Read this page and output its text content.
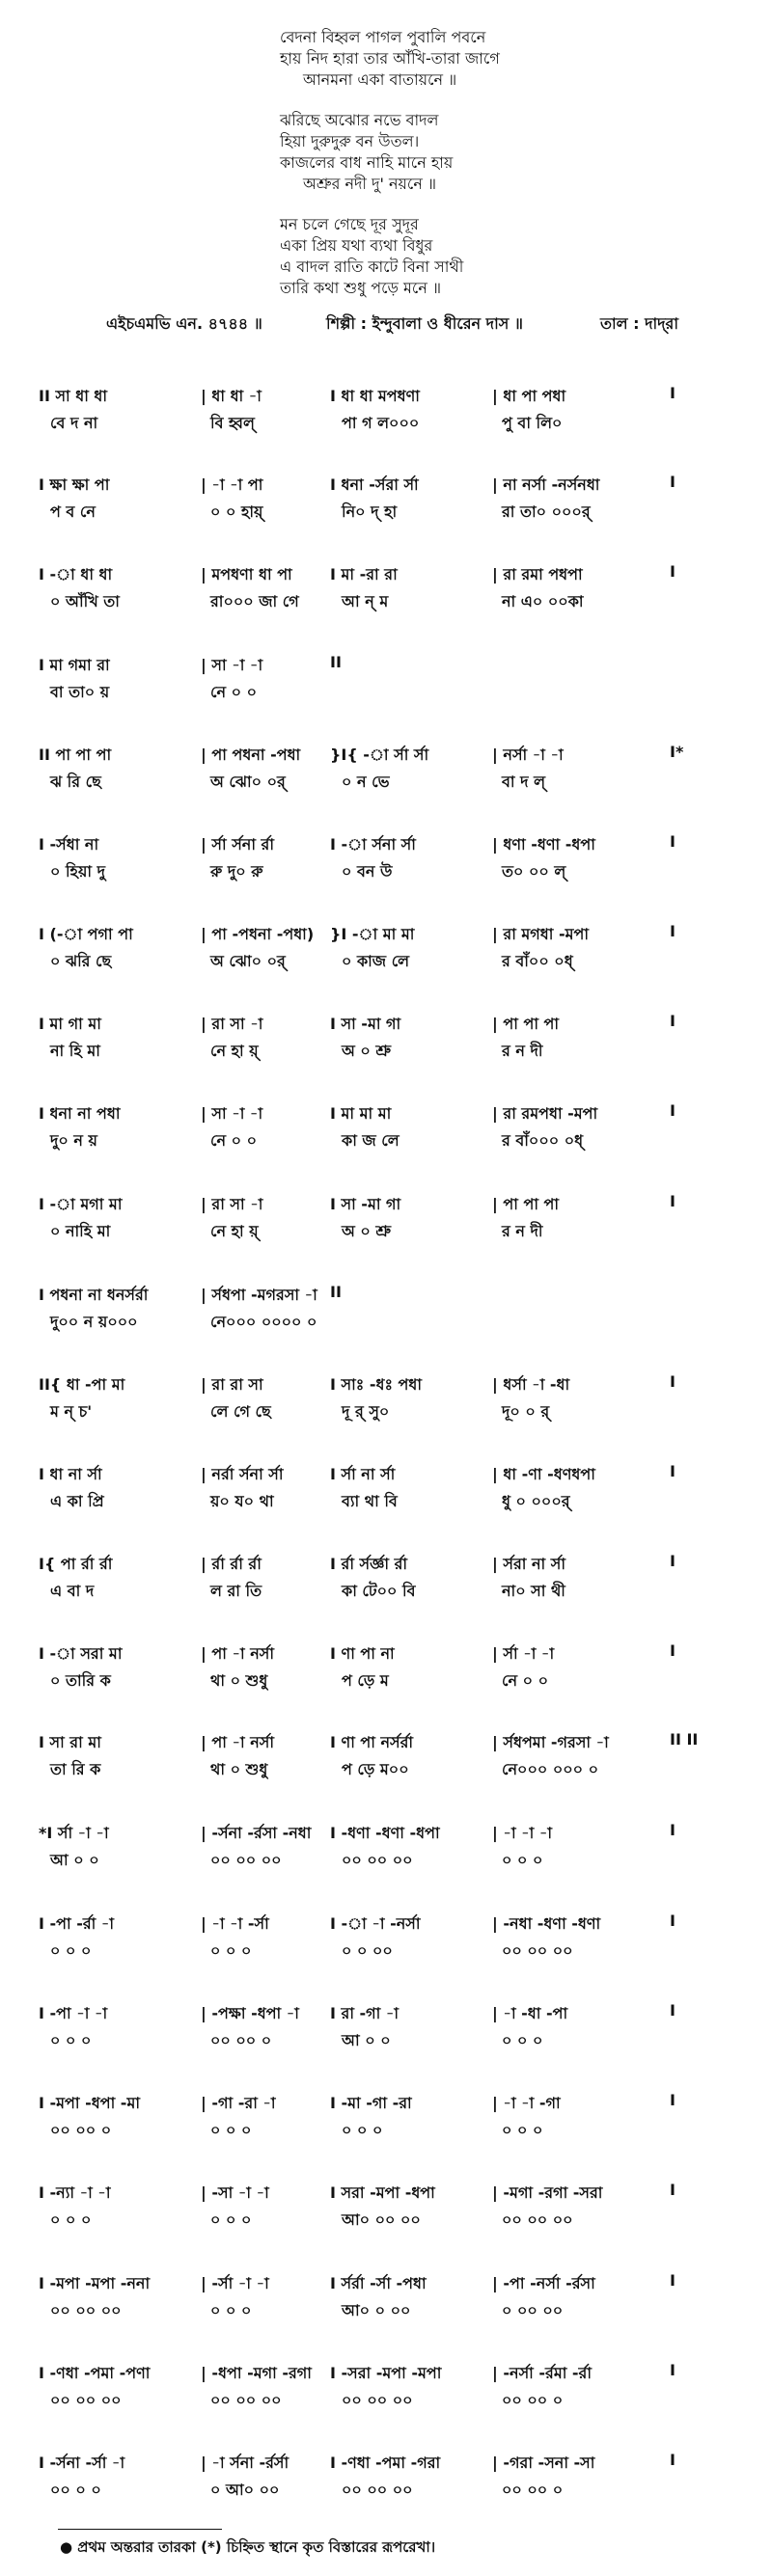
বেদনা বিহ্বল পাগল পুবালি পবনে
হায় নিদ হারা তার আঁখি-তারা জাগে
আনমনা একা বাতায়নে ॥
ঝরিছে অঝোর নভে বাদল
হিয়া দুরুদুরু বন উতল।
কাজলের বাধ নাহি মানে হায়
অশ্রুর নদী দু' নয়নে ॥
মন চলে গেছে দূর সুদূর
একা প্রিয় যথা ব্যথা বিধুর
এ বাদল রাতি কাটে বিনা সাথী
তারি কথা শুধু পড়ে মনে ॥
এইচএমভি এন. ৪৭৪৪ ॥	শিল্পী : ইন্দুবালা ও ধীরেন দাস ॥	তাল : দাদ্‌রা
II সা ধা ধা	| ধা ধা -া	I ধা ধা মপধণা	| ধা পা পধা	I
বে দ না	বি হ্বল্	পা গ ল০০০	পু বা লি০
I ক্ষা ক্ষা পা	| -া -া পা	I ধনা -র্সরা র্সা	| না নর্সা -নর্সনধা	I
প ব নে	০ ০ হায়্	নি০ দ্ হা	রা তা০ ০০০র্
I -া ধা ধা	| মপধণা ধা পা I মা -রা রা	| রা রমা পধপা	I
০ আঁখি তা	রা০০০ জা গে	আ ন্ ম	না এ০ ০০কা
I মা গমা রা	| সা -া -া	II
বা তা০ য়	নে ০ ০
II পা পা পা	| পা পধনা -পধা }I{ -া র্সা র্সা	| নর্সা -া -া	I*
ঝ রি ছে	অ ঝো০ ০র্	০ ন ভে	বা দ ল্
I -র্সধা না	| র্সা র্সনা র্রা	I -া র্সনা র্সা	| ধণা -ধণা -ধপা	I
০ হিয়া দু	রু দু০ রু	০ বন উ	ত০ ০০ ল্
I (-া পগা পা	| পা -পধনা -পধা) }I -া মা মা	| রা মগধা -মপা	I
০ ঝরি ছে	অ ঝো০ ০র্	০ কাজ লে	র বাঁ০০ ০ধ্
I মা গা মা	| রা সা -া	I সা -মা গা	| পা পা পা	I
না হি মা	নে হা য়্	অ ০ শ্রু	র ন দী
I ধনা না পধা	| সা -া -া	I মা মা মা	| রা রমপধা -মপা	I
দু০ ন য়	নে ০ ০	কা জ লে	র বাঁ০০০ ০ধ্
I -া মগা মা	| রা সা -া	I সা -মা গা	| পা পা পা	I
০ নাহি মা	নে হা য়্	অ ০ শ্রু	র ন দী
I পধনা না ধনর্সর্রা	| র্সধপা -মগরসা -া II
দু০০ ন য়০০০	নে০০০ ০০০০ ০
II{ ধা -পা মা	| রা রা সা	I সাঃ -ধঃ পধা	| ধর্সা -া -ধা	I
ম ন্ চ'	লে গে ছে	দূ র্ সু০	দূ০ ০ র্
I ধা না র্সা	| নর্রা র্সনা র্সা	I র্সা না র্সা	| ধা -ণা -ধণধপা	I
এ কা প্রি	য়০ য০ থা	ব্যা থা বি	ধু ০ ০০০র্
I{ পা র্রা র্রা	| র্রা র্রা র্রা	I র্রা র্সর্জ্ঞা র্রা	| র্সরা না র্সা	I
এ বা দ	ল রা তি	কা টে০০ বি	না০ সা থী
I -া সরা মা	| পা -া নর্সা	I ণা পা না	| র্সা -া -া	I
০ তারি ক	থা ০ শুধু	প ড়ে ম	নে ০ ০
I সা রা মা	| পা -া নর্সা	I ণা পা নর্সর্রা	| র্সধপমা -গরসা -া	II II
তা রি ক	থা ০ শুধু	প ড়ে ম০০	নে০০০ ০০০ ০
*I র্সা -া -া	| -র্সনা -র্রসা -নধা I -ধণা -ধণা -ধপা	| -া -া -া	I
আ ০ ০	০০ ০০ ০০	০০ ০০ ০০	০ ০ ০
I -পা -র্রা -া	| -া -া -র্সা	I -া -া -নর্সা	| -নধা -ধণা -ধণা	I
০ ০ ০	০ ০ ০	০ ০ ০০	০০ ০০ ০০
I -পা -া -া	| -পক্ষা -ধপা -া I রা -গা -া	| -া -ধা -পা	I
০ ০ ০	০০ ০০ ০	আ ০ ০	০ ০ ০
I -মপা -ধপা -মা	| -গা -রা -া	I -মা -গা -রা	| -া -া -গা	I
০০ ০০ ০	০ ০ ০	০ ০ ০	০ ০ ০
I -ন্যা -া -া	| -সা -া -া	I সরা -মপা -ধপা	| -মগা -রগা -সরা	I
০ ০ ০	০ ০ ০	আ০ ০০ ০০	০০ ০০ ০০
I -মপা -মপা -ননা	| -র্সা -া -া	I র্সর্রা -র্সা -পধা	| -পা -নর্সা -র্রসা	I
০০ ০০ ০০	০ ০ ০	আ০ ০ ০০	০ ০০ ০০
I -ণধা -পমা -পণা	| -ধপা -মগা -রগা I -সরা -মপা -মপা	| -নর্সা -র্রমা -র্রা	I
০০ ০০ ০০	০০ ০০ ০০	০০ ০০ ০০	০০ ০০ ০
I -র্সনা -র্সা -া	| -া র্সনা -র্রর্সা	I -ণধা -পমা -গরা	| -গরা -সনা -সা	I
০০ ০ ০	০ আ০ ০০	০০ ০০ ০০	০০ ০০ ০
● প্রথম অন্তরার তারকা (*) চিহ্নিত স্থানে কৃত বিস্তারের রূপরেখা।
